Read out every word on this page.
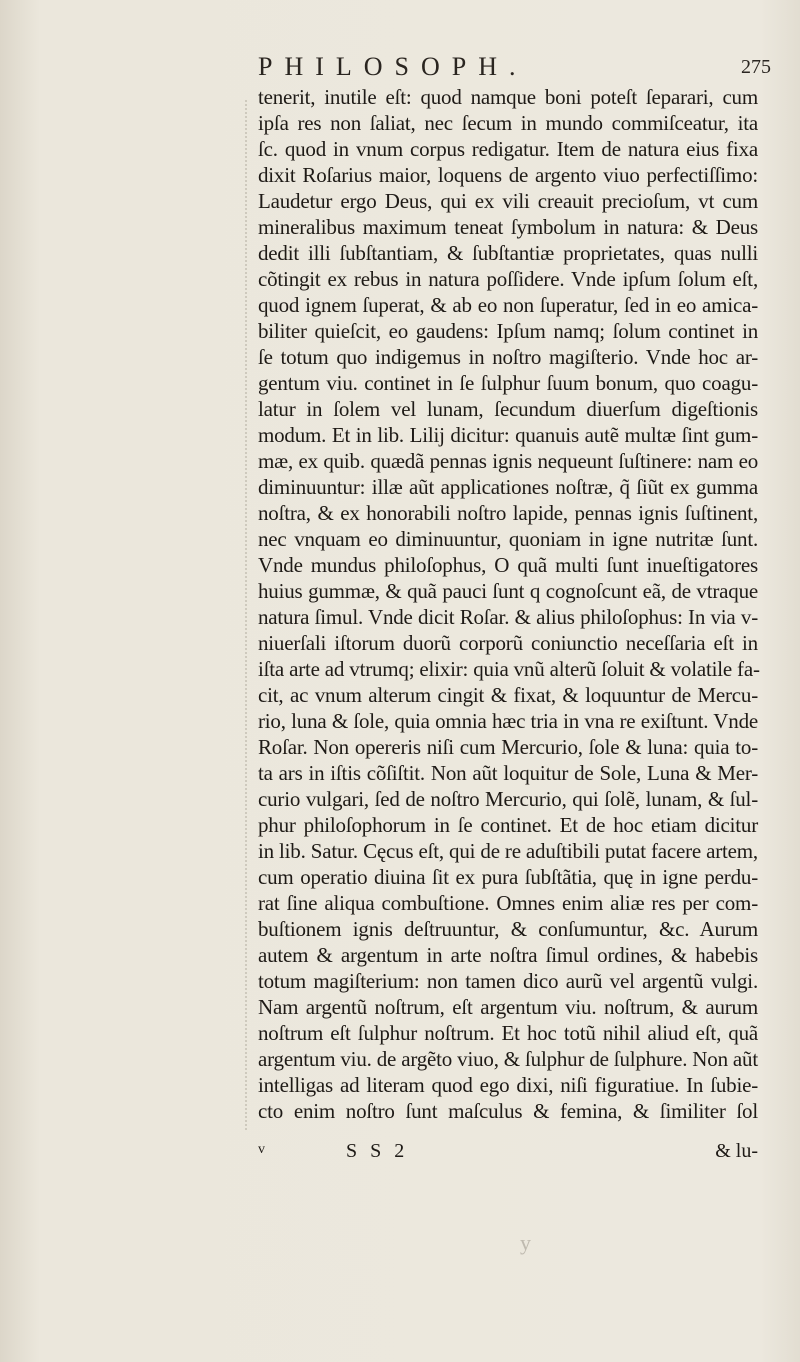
PHILOSOPH.	275
tenerit, inutile eſt: quod namque boni poteſt ſeparari, cum
ipſa res non ſaliat, nec ſecum in mundo commiſceatur, ita
ſc. quod in vnum corpus redigatur. Item de natura eius fixa
dixit Roſarius maior, loquens de argento viuo perfectiſſimo:
Laudetur ergo Deus, qui ex vili creauit precioſum, vt cum
mineralibus maximum teneat ſymbolum in natura: & Deus
dedit illi ſubſtantiam, & ſubſtantiæ proprietates, quas nulli
cõtingit ex rebus in natura poſſidere. Vnde ipſum ſolum eſt,
quod ignem ſuperat, & ab eo non ſuperatur, ſed in eo amica-
biliter quieſcit, eo gaudens: Ipſum namq; ſolum continet in
ſe totum quo indigemus in noſtro magiſterio. Vnde hoc ar-
gentum viu. continet in ſe ſulphur ſuum bonum, quo coagu-
latur in ſolem vel lunam, ſecundum diuerſum digeſtionis
modum. Et in lib. Lilij dicitur: quanuis autẽ multæ ſint gum-
mæ, ex quib. quædã pennas ignis nequeunt ſuſtinere: nam eo
diminuuntur: illæ aũt applicationes noſtræ, q̃ ſiũt ex gumma
noſtra, & ex honorabili noſtro lapide, pennas ignis ſuſtinent,
nec vnquam eo diminuuntur, quoniam in igne nutritæ ſunt.
Vnde mundus philoſophus, O quã multi ſunt inueſtigatores
huius gummæ, & quã pauci ſunt q cognoſcunt eã, de vtraque
natura ſimul. Vnde dicit Roſar. & alius philoſophus: In via v-
niuerſali iſtorum duorũ corporũ coniunctio neceſſaria eſt in
iſta arte ad vtrumq; elixir: quia vnũ alterũ ſoluit & volatile fa-
cit, ac vnum alterum cingit & fixat, & loquuntur de Mercu-
rio, luna & ſole, quia omnia hæc tria in vna re exiſtunt. Vnde
Roſar. Non opereris niſi cum Mercurio, ſole & luna: quia to-
ta ars in iſtis cõſiſtit. Non aũt loquitur de Sole, Luna & Mer-
curio vulgari, ſed de noſtro Mercurio, qui ſolẽ, lunam, & ſul-
phur philoſophorum in ſe continet. Et de hoc etiam dicitur
in lib. Satur. Cęcus eſt, qui de re aduſtibili putat facere artem,
cum operatio diuina ſit ex pura ſubſtãtia, quę in igne perdu-
rat ſine aliqua combuſtione. Omnes enim aliæ res per com-
buſtionem ignis deſtruuntur, & conſumuntur, &c. Aurum
autem & argentum in arte noſtra ſimul ordines, & habebis
totum magiſterium: non tamen dico aurũ vel argentũ vulgi.
Nam argentũ noſtrum, eſt argentum viu. noſtrum, & aurum
noſtrum eſt ſulphur noſtrum. Et hoc totũ nihil aliud eſt, quã
argentum viu. de argẽto viuo, & ſulphur de ſulphure. Non aũt
intelligas ad literam quod ego dixi, niſi figuratiue. In ſubie-
cto enim noſtro ſunt maſculus & femina, & ſimiliter ſol
v	S S 2	& lu-
y
